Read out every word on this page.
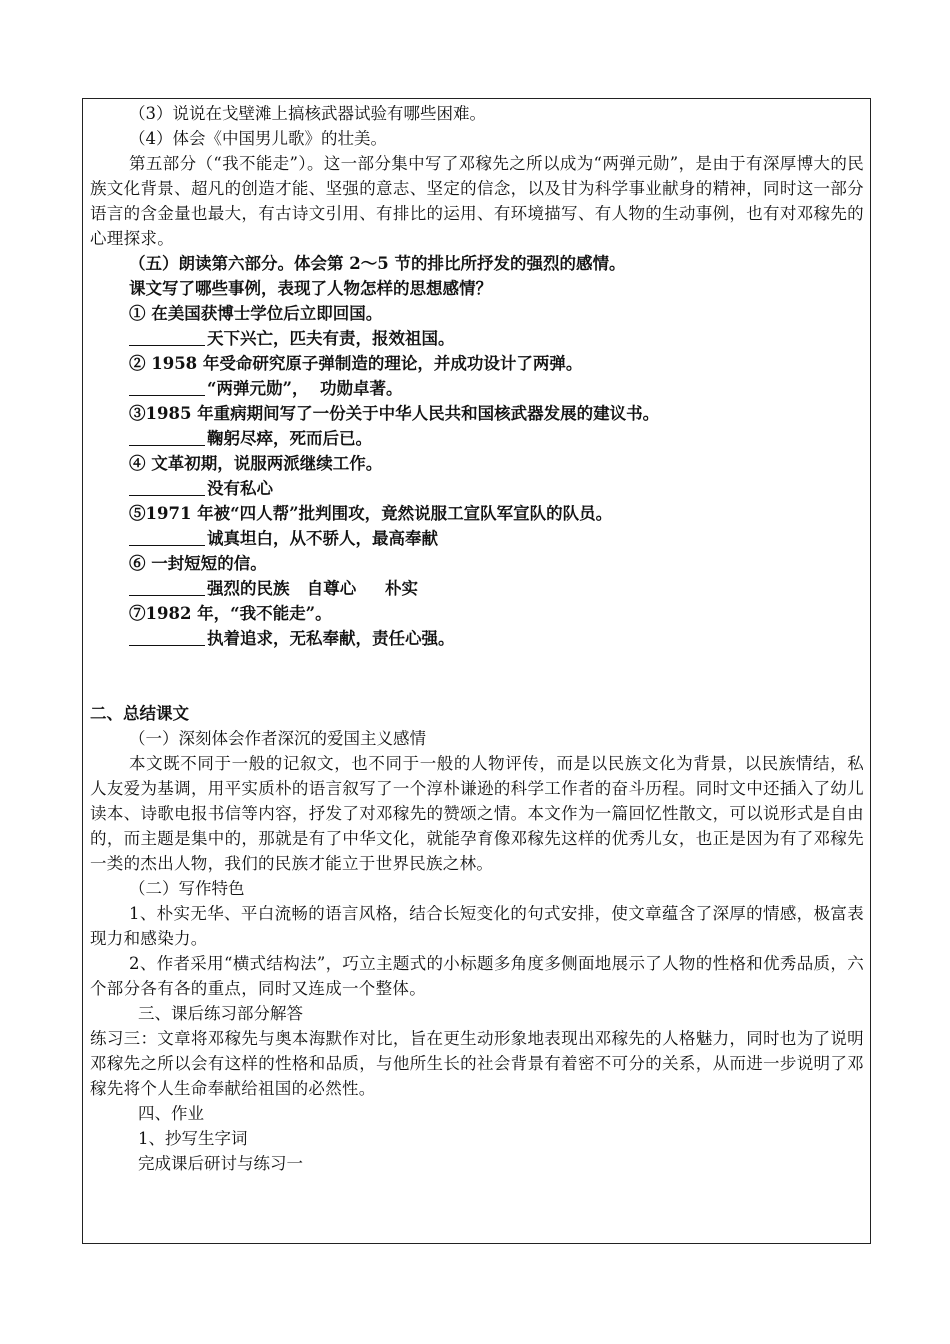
（3）说说在戈壁滩上搞核武器试验有哪些困难。
（4）体会《中国男儿歌》的壮美。
第五部分（“我不能走”）。这一部分集中写了邓稼先之所以成为“两弹元勋”，是由于有深厚博大的民族文化背景、超凡的创造才能、坚强的意志、坚定的信念，以及甘为科学事业献身的精神，同时这一部分语言的含金量也最大，有古诗文引用、有排比的运用、有环境描写、有人物的生动事例，也有对邓稼先的心理探求。
（五）朗读第六部分。体会第 2～5 节的排比所抒发的强烈的感情。
课文写了哪些事例，表现了人物怎样的思想感情？
① 在美国获博士学位后立即回国。
天下兴亡，匹夫有责，报效祖国。
② 1958 年受命研究原子弹制造的理论，并成功设计了两弹。
“两弹元勋”，  功勋卓著。
③1985 年重病期间写了一份关于中华人民共和国核武器发展的建议书。
鞠躬尽瘁，死而后已。
④ 文革初期，说服两派继续工作。
没有私心
⑤1971 年被“四人帮”批判围攻，竟然说服工宣队军宣队的队员。
诚真坦白，从不骄人，最高奉献
⑥ 一封短短的信。
强烈的民族   自尊心     朴实
⑦1982 年，“我不能走”。
执着追求，无私奉献，责任心强。
二、总结课文
（一）深刻体会作者深沉的爱国主义感情
本文既不同于一般的记叙文，也不同于一般的人物评传，而是以民族文化为背景，以民族情结，私人友爱为基调，用平实质朴的语言叙写了一个淳朴谦逊的科学工作者的奋斗历程。同时文中还插入了幼儿读本、诗歌电报书信等内容，抒发了对邓稼先的赞颂之情。本文作为一篇回忆性散文，可以说形式是自由的，而主题是集中的，那就是有了中华文化，就能孕育像邓稼先这样的优秀儿女，也正是因为有了邓稼先一类的杰出人物，我们的民族才能立于世界民族之林。
（二）写作特色
1、朴实无华、平白流畅的语言风格，结合长短变化的句式安排，使文章蕴含了深厚的情感，极富表现力和感染力。
2、作者采用“横式结构法”，巧立主题式的小标题多角度多侧面地展示了人物的性格和优秀品质，六个部分各有各的重点，同时又连成一个整体。
三、课后练习部分解答
练习三：文章将邓稼先与奥本海默作对比，旨在更生动形象地表现出邓稼先的人格魅力，同时也为了说明邓稼先之所以会有这样的性格和品质，与他所生长的社会背景有着密不可分的关系，从而进一步说明了邓稼先将个人生命奉献给祖国的必然性。
四、作业
1、抄写生字词
完成课后研讨与练习一
